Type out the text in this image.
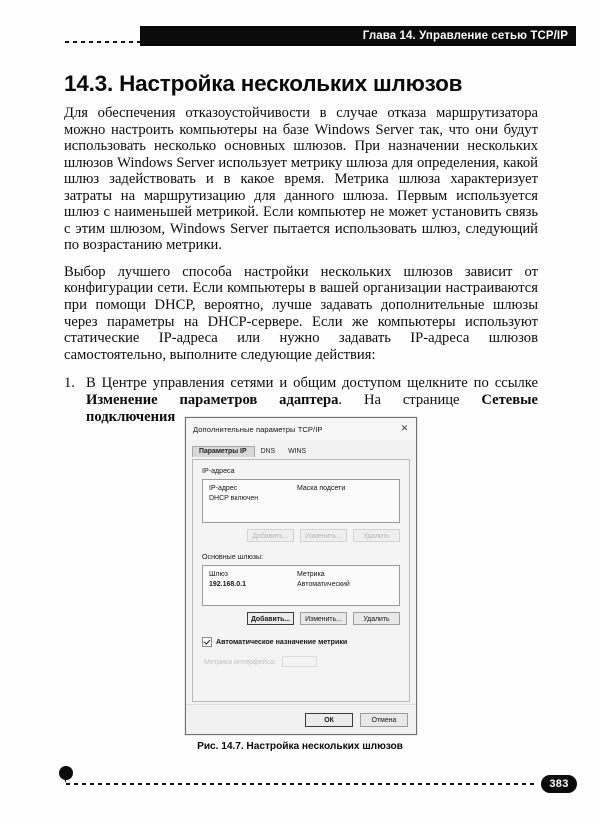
Глава 14. Управление сетью TCP/IP
14.3. Настройка нескольких шлюзов

Для обеспечения отказоустойчивости в случае отказа маршрутизатора можно настроить компьютеры на базе Windows Server так, что они будут использовать несколько основных шлюзов. При назначении нескольких шлюзов Windows Server использует метрику шлюза для определения, какой шлюз задействовать и в какое время. Метрика шлюза характеризует затраты на маршрутизацию для данного шлюза. Первым используется шлюз с наименьшей метрикой. Если компьютер не может установить связь с этим шлюзом, Windows Server пытается использовать шлюз, следующий по возрастанию метрики.

Выбор лучшего способа настройки нескольких шлюзов зависит от конфигурации сети. Если компьютеры в вашей организации настраиваются при помощи DHCP, вероятно, лучше задавать дополнительные шлюзы через параметры на DHCP-сервере. Если же компьютеры используют статические IP-адреса или нужно задавать IP-адреса шлюзов самостоятельно, выполните следующие действия:

1. В Центре управления сетями и общим доступом щелкните по ссылке Изменение параметров адаптера. На странице Сетевые подключения
Дополнительные параметры TCP/IP	✕
Параметры IP	DNS	WINS
IP-адреса
IP-адрес	Маска подсети
DHCP включен
Добавить...	Изменить...	Удалить
Основные шлюзы:
Шлюз	Метрика
192.168.0.1	Автоматический
Добавить...	Изменить...	Удалить
Автоматическое назначение метрики
Метрика интерфейса:
ОК	Отмена
Рис. 14.7. Настройка нескольких шлюзов
383
